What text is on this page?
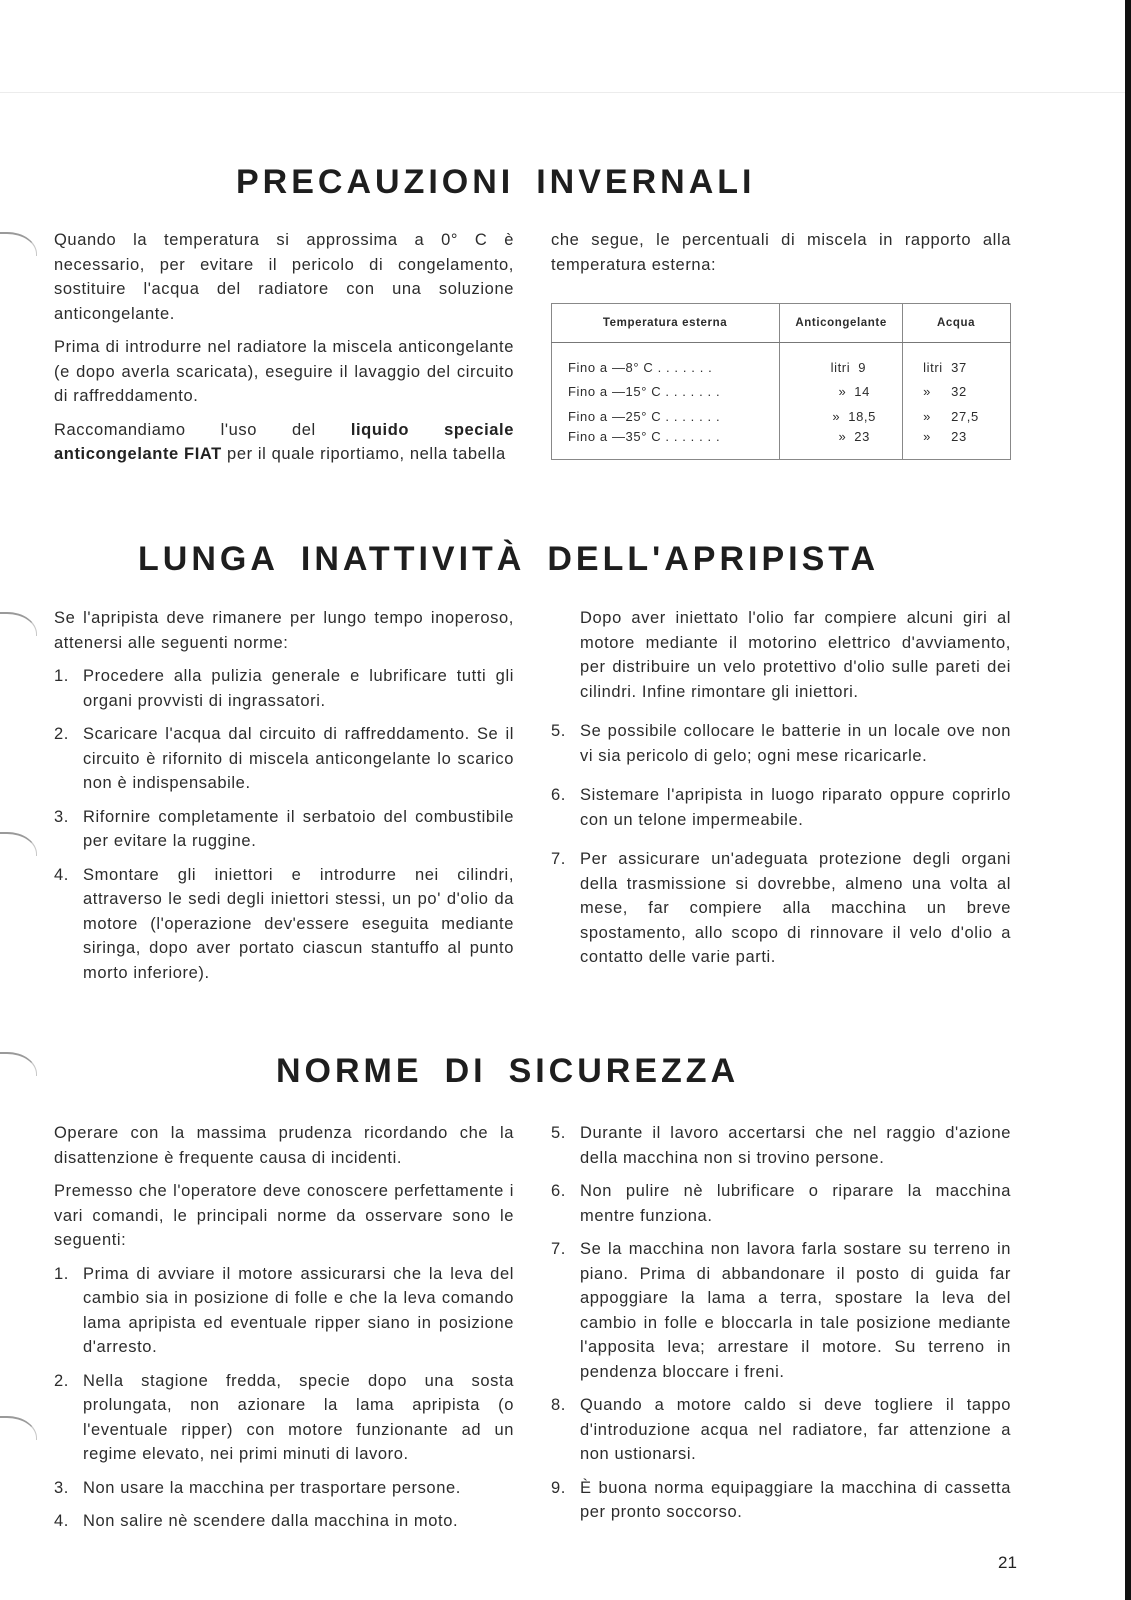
PRECAUZIONI INVERNALI

Quando la temperatura si approssima a 0° C è necessario, per evitare il pericolo di congelamento, sostituire l'acqua del radiatore con una soluzione anticongelante.

Prima di introdurre nel radiatore la miscela anticongelante (e dopo averla scaricata), eseguire il lavaggio del circuito di raffreddamento.

Raccomandiamo l'uso del liquido speciale anticongelante FIAT per il quale riportiamo, nella tabella

che segue, le percentuali di miscela in rapporto alla temperatura esterna:

Temperatura esterna	Anticongelante	Acqua

Fino a —8° C . . . . . . .	litri 9	litri 37
Fino a —15° C . . . . . . .	» 14	» 32
Fino a —25° C . . . . . . .	» 18,5	» 27,5
Fino a —35° C . . . . . . .	» 23	» 23
LUNGA INATTIVITÀ DELL'APRIPISTA

Se l'apripista deve rimanere per lungo tempo inoperoso, attenersi alle seguenti norme:

1. Procedere alla pulizia generale e lubrificare tutti gli organi provvisti di ingrassatori.
2. Scaricare l'acqua dal circuito di raffreddamento. Se il circuito è rifornito di miscela anticongelante lo scarico non è indispensabile.
3. Rifornire completamente il serbatoio del combustibile per evitare la ruggine.
4. Smontare gli iniettori e introdurre nei cilindri, attraverso le sedi degli iniettori stessi, un po' d'olio da motore (l'operazione dev'essere eseguita mediante siringa, dopo aver portato ciascun stantuffo al punto morto inferiore).

Dopo aver iniettato l'olio far compiere alcuni giri al motore mediante il motorino elettrico d'avviamento, per distribuire un velo protettivo d'olio sulle pareti dei cilindri. Infine rimontare gli iniettori.

5. Se possibile collocare le batterie in un locale ove non vi sia pericolo di gelo; ogni mese ricaricarle.
6. Sistemare l'apripista in luogo riparato oppure coprirlo con un telone impermeabile.
7. Per assicurare un'adeguata protezione degli organi della trasmissione si dovrebbe, almeno una volta al mese, far compiere alla macchina un breve spostamento, allo scopo di rinnovare il velo d'olio a contatto delle varie parti.
NORME DI SICUREZZA

Operare con la massima prudenza ricordando che la disattenzione è frequente causa di incidenti.

Premesso che l'operatore deve conoscere perfettamente i vari comandi, le principali norme da osservare sono le seguenti:

1. Prima di avviare il motore assicurarsi che la leva del cambio sia in posizione di folle e che la leva comando lama apripista ed eventuale ripper siano in posizione d'arresto.
2. Nella stagione fredda, specie dopo una sosta prolungata, non azionare la lama apripista (o l'eventuale ripper) con motore funzionante ad un regime elevato, nei primi minuti di lavoro.
3. Non usare la macchina per trasportare persone.
4. Non salire nè scendere dalla macchina in moto.
5. Durante il lavoro accertarsi che nel raggio d'azione della macchina non si trovino persone.
6. Non pulire nè lubrificare o riparare la macchina mentre funziona.
7. Se la macchina non lavora farla sostare su terreno in piano. Prima di abbandonare il posto di guida far appoggiare la lama a terra, spostare la leva del cambio in folle e bloccarla in tale posizione mediante l'apposita leva; arrestare il motore. Su terreno in pendenza bloccare i freni.
8. Quando a motore caldo si deve togliere il tappo d'introduzione acqua nel radiatore, far attenzione a non ustionarsi.
9. È buona norma equipaggiare la macchina di cassetta per pronto soccorso.
21
